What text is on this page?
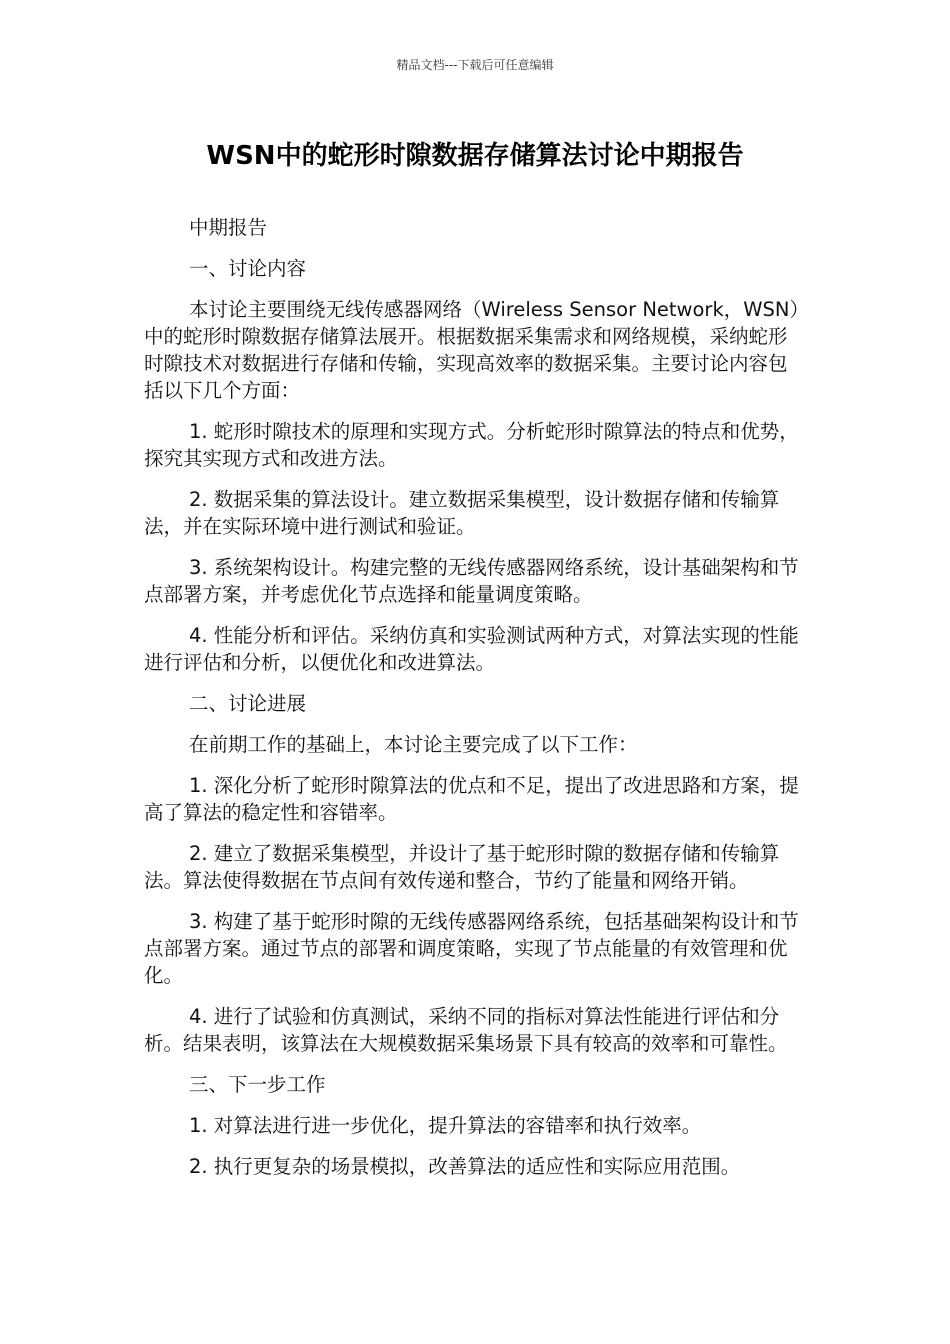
精品文档---下载后可任意编辑
WSN中的蛇形时隙数据存储算法讨论中期报告

中期报告

一、讨论内容

本讨论主要围绕无线传感器网络（Wireless Sensor Network，WSN）中的蛇形时隙数据存储算法展开。根据数据采集需求和网络规模，采纳蛇形时隙技术对数据进行存储和传输，实现高效率的数据采集。主要讨论内容包括以下几个方面：

1. 蛇形时隙技术的原理和实现方式。分析蛇形时隙算法的特点和优势，探究其实现方式和改进方法。

2. 数据采集的算法设计。建立数据采集模型，设计数据存储和传输算法，并在实际环境中进行测试和验证。

3. 系统架构设计。构建完整的无线传感器网络系统，设计基础架构和节点部署方案，并考虑优化节点选择和能量调度策略。

4. 性能分析和评估。采纳仿真和实验测试两种方式，对算法实现的性能进行评估和分析，以便优化和改进算法。

二、讨论进展

在前期工作的基础上，本讨论主要完成了以下工作：

1. 深化分析了蛇形时隙算法的优点和不足，提出了改进思路和方案，提高了算法的稳定性和容错率。

2. 建立了数据采集模型，并设计了基于蛇形时隙的数据存储和传输算法。算法使得数据在节点间有效传递和整合，节约了能量和网络开销。

3. 构建了基于蛇形时隙的无线传感器网络系统，包括基础架构设计和节点部署方案。通过节点的部署和调度策略，实现了节点能量的有效管理和优化。

4. 进行了试验和仿真测试，采纳不同的指标对算法性能进行评估和分析。结果表明，该算法在大规模数据采集场景下具有较高的效率和可靠性。

三、下一步工作

1. 对算法进行进一步优化，提升算法的容错率和执行效率。

2. 执行更复杂的场景模拟，改善算法的适应性和实际应用范围。
